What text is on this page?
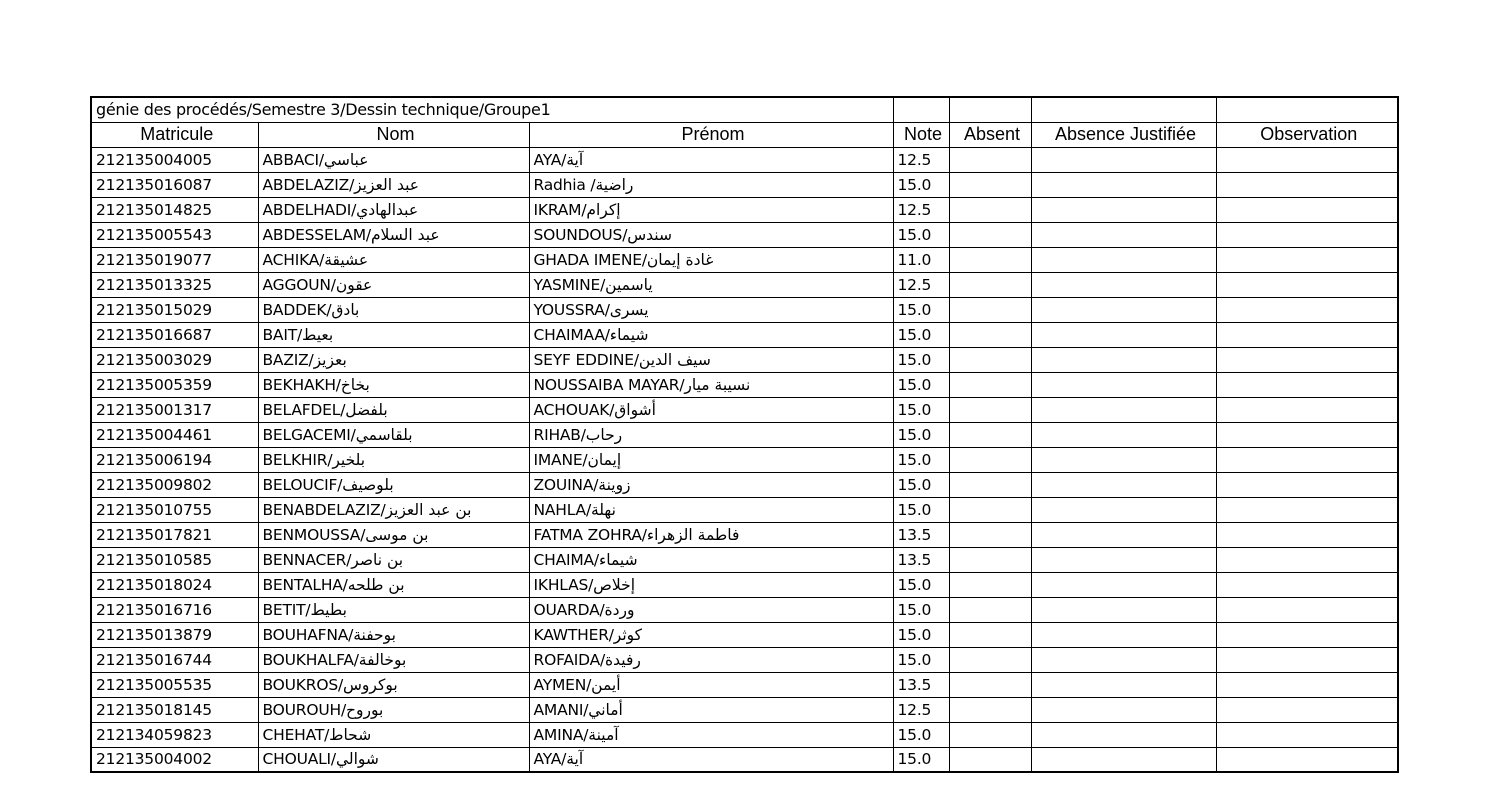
génie des procédés/Semestre 3/Dessin technique/Groupe1						
Matricule	Nom	Prénom	Note	Absent	Absence Justifiée	Observation
212135004005	ABBACI/عباسي	AYA/آية	12.5			
212135016087	ABDELAZIZ/عبد العزيز	Radhia /راضية	15.0			
212135014825	ABDELHADI/عبدالهادي	IKRAM/إكرام	12.5			
212135005543	ABDESSELAM/عبد السلام	SOUNDOUS/سندس	15.0			
212135019077	ACHIKA/عشيقة	GHADA IMENE/غادة إيمان	11.0			
212135013325	AGGOUN/عقون	YASMINE/ياسمين	12.5			
212135015029	BADDEK/بادق	YOUSSRA/يسرى	15.0			
212135016687	BAIT/بعيط	CHAIMAA/شيماء	15.0			
212135003029	BAZIZ/بعزيز	SEYF EDDINE/سيف الدين	15.0			
212135005359	BEKHAKH/بخاخ	NOUSSAIBA MAYAR/نسيبة ميار	15.0			
212135001317	BELAFDEL/بلفضل	ACHOUAK/أشواق	15.0			
212135004461	BELGACEMI/بلقاسمي	RIHAB/رحاب	15.0			
212135006194	BELKHIR/بلخير	IMANE/إيمان	15.0			
212135009802	BELOUCIF/بلوصيف	ZOUINA/زوينة	15.0			
212135010755	BENABDELAZIZ/بن عبد العزيز	NAHLA/نهلة	15.0			
212135017821	BENMOUSSA/بن موسى	FATMA ZOHRA/فاطمة الزهراء	13.5			
212135010585	BENNACER/بن ناصر	CHAIMA/شيماء	13.5			
212135018024	BENTALHA/بن طلحه	IKHLAS/إخلاص	15.0			
212135016716	BETIT/بطيط	OUARDA/وردة	15.0			
212135013879	BOUHAFNA/بوحفنة	KAWTHER/كوثر	15.0			
212135016744	BOUKHALFA/بوخالفة	ROFAIDA/رفيدة	15.0			
212135005535	BOUKROS/بوكروس	AYMEN/أيمن	13.5			
212135018145	BOUROUH/بوروح	AMANI/أماني	12.5			
212134059823	CHEHAT/شحاط	AMINA/آمينة	15.0			
212135004002	CHOUALI/شوالي	AYA/آية	15.0			
